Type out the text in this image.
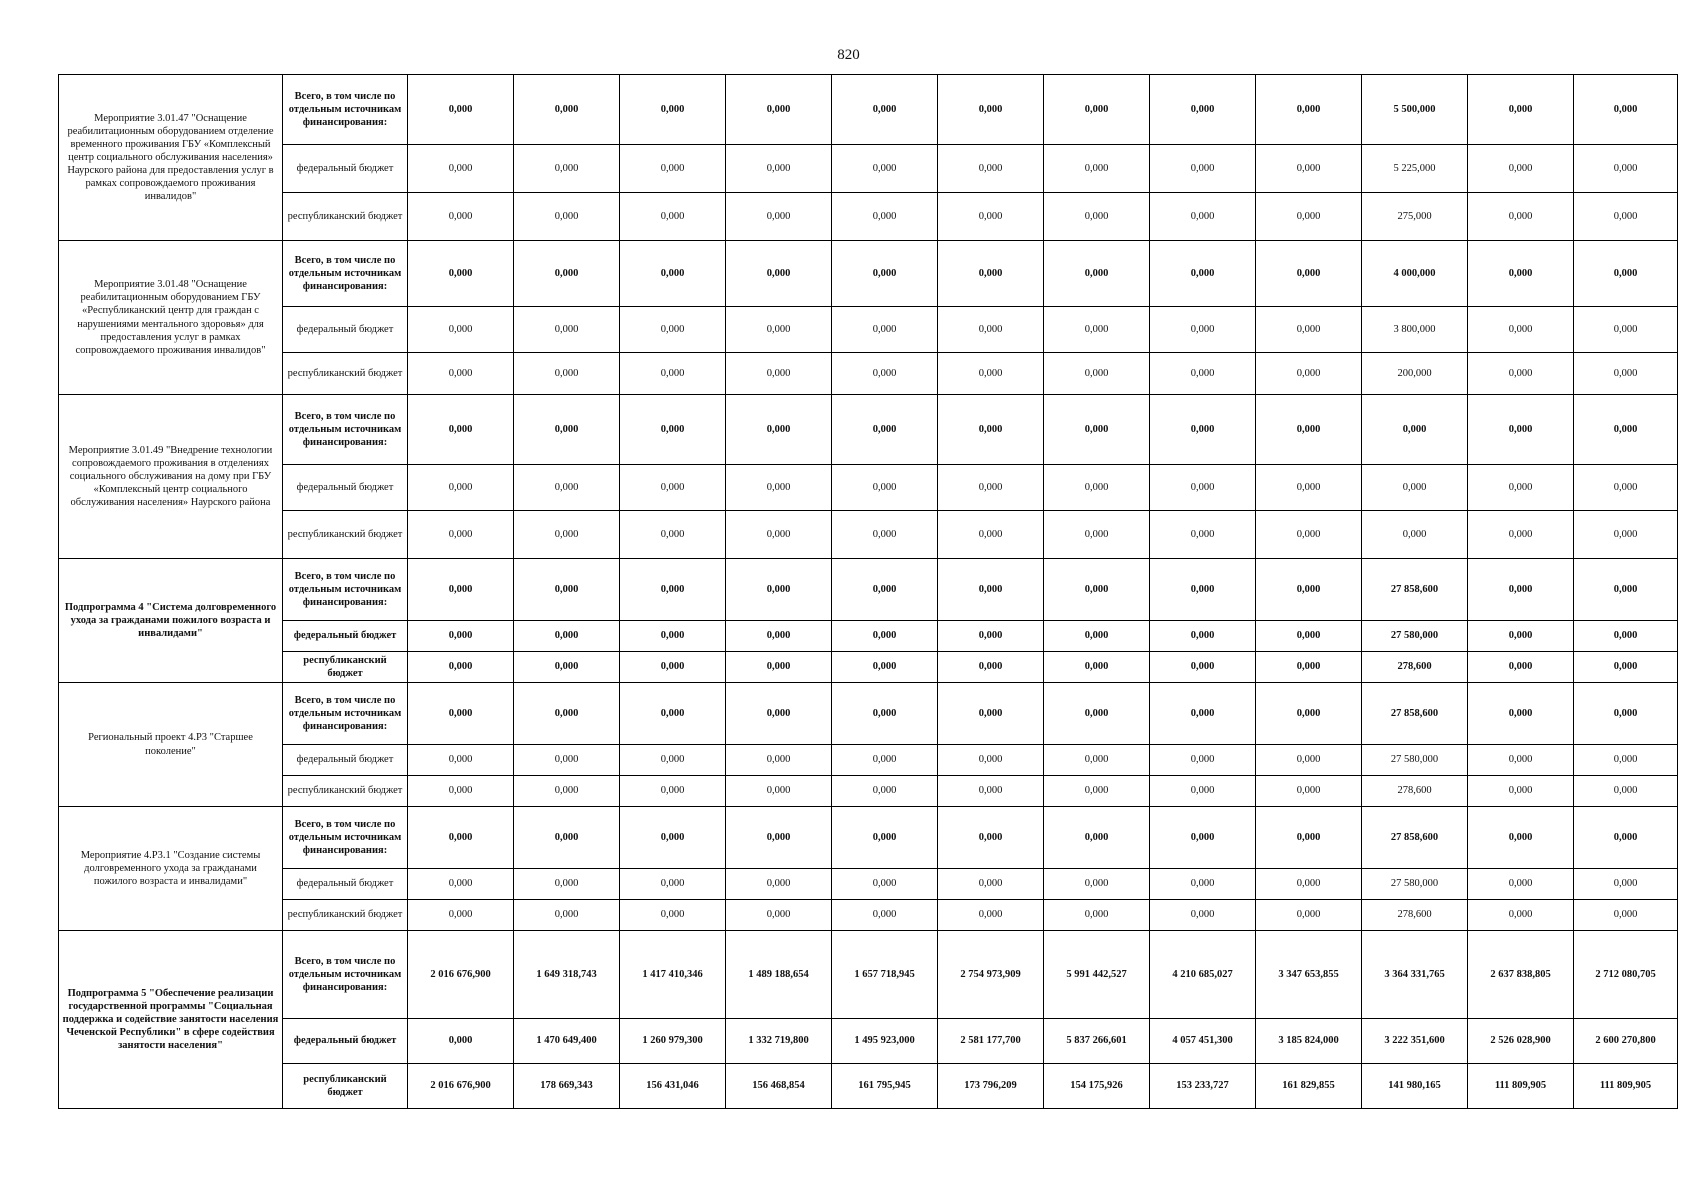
820
Мероприятие 3.01.47 "Оснащение реабилитационным оборудованием отделение временного проживания ГБУ «Комплексный центр социального обслуживания населения» Наурского района для предоставления услуг в рамках сопровождаемого проживания инвалидов"	Всего, в том числе по отдельным источникам финансирования:	0,000	0,000	0,000	0,000	0,000	0,000	0,000	0,000	0,000	5 500,000	0,000	0,000
	федеральный бюджет	0,000	0,000	0,000	0,000	0,000	0,000	0,000	0,000	0,000	5 225,000	0,000	0,000
	республиканский бюджет	0,000	0,000	0,000	0,000	0,000	0,000	0,000	0,000	0,000	275,000	0,000	0,000
Мероприятие 3.01.48 "Оснащение реабилитационным оборудованием ГБУ «Республиканский центр для граждан с нарушениями ментального здоровья» для предоставления услуг в рамках сопровождаемого проживания инвалидов"	Всего, в том числе по отдельным источникам финансирования:	0,000	0,000	0,000	0,000	0,000	0,000	0,000	0,000	0,000	4 000,000	0,000	0,000
	федеральный бюджет	0,000	0,000	0,000	0,000	0,000	0,000	0,000	0,000	0,000	3 800,000	0,000	0,000
	республиканский бюджет	0,000	0,000	0,000	0,000	0,000	0,000	0,000	0,000	0,000	200,000	0,000	0,000
Мероприятие 3.01.49 "Внедрение технологии сопровождаемого проживания в отделениях социального обслуживания на дому при ГБУ «Комплексный центр социального обслуживания населения» Наурского района	Всего, в том числе по отдельным источникам финансирования:	0,000	0,000	0,000	0,000	0,000	0,000	0,000	0,000	0,000	0,000	0,000	0,000
	федеральный бюджет	0,000	0,000	0,000	0,000	0,000	0,000	0,000	0,000	0,000	0,000	0,000	0,000
	республиканский бюджет	0,000	0,000	0,000	0,000	0,000	0,000	0,000	0,000	0,000	0,000	0,000	0,000
Подпрограмма 4 "Система долговременного ухода за гражданами пожилого возраста и инвалидами"	Всего, в том числе по отдельным источникам финансирования:	0,000	0,000	0,000	0,000	0,000	0,000	0,000	0,000	0,000	27 858,600	0,000	0,000
	федеральный бюджет	0,000	0,000	0,000	0,000	0,000	0,000	0,000	0,000	0,000	27 580,000	0,000	0,000
	республиканский бюджет	0,000	0,000	0,000	0,000	0,000	0,000	0,000	0,000	0,000	278,600	0,000	0,000
Региональный проект 4.P3 "Старшее поколение"	Всего, в том числе по отдельным источникам финансирования:	0,000	0,000	0,000	0,000	0,000	0,000	0,000	0,000	0,000	27 858,600	0,000	0,000
	федеральный бюджет	0,000	0,000	0,000	0,000	0,000	0,000	0,000	0,000	0,000	27 580,000	0,000	0,000
	республиканский бюджет	0,000	0,000	0,000	0,000	0,000	0,000	0,000	0,000	0,000	278,600	0,000	0,000
Мероприятие 4.P3.1 "Создание системы долговременного ухода за гражданами пожилого возраста и инвалидами"	Всего, в том числе по отдельным источникам финансирования:	0,000	0,000	0,000	0,000	0,000	0,000	0,000	0,000	0,000	27 858,600	0,000	0,000
	федеральный бюджет	0,000	0,000	0,000	0,000	0,000	0,000	0,000	0,000	0,000	27 580,000	0,000	0,000
	республиканский бюджет	0,000	0,000	0,000	0,000	0,000	0,000	0,000	0,000	0,000	278,600	0,000	0,000
Подпрограмма 5 "Обеспечение реализации государственной программы "Социальная поддержка и содействие занятости населения Чеченской Республики" в сфере содействия занятости населения"	Всего, в том числе по отдельным источникам финансирования:	2 016 676,900	1 649 318,743	1 417 410,346	1 489 188,654	1 657 718,945	2 754 973,909	5 991 442,527	4 210 685,027	3 347 653,855	3 364 331,765	2 637 838,805	2 712 080,705
	федеральный бюджет	0,000	1 470 649,400	1 260 979,300	1 332 719,800	1 495 923,000	2 581 177,700	5 837 266,601	4 057 451,300	3 185 824,000	3 222 351,600	2 526 028,900	2 600 270,800
	республиканский бюджет	2 016 676,900	178 669,343	156 431,046	156 468,854	161 795,945	173 796,209	154 175,926	153 233,727	161 829,855	141 980,165	111 809,905	111 809,905
